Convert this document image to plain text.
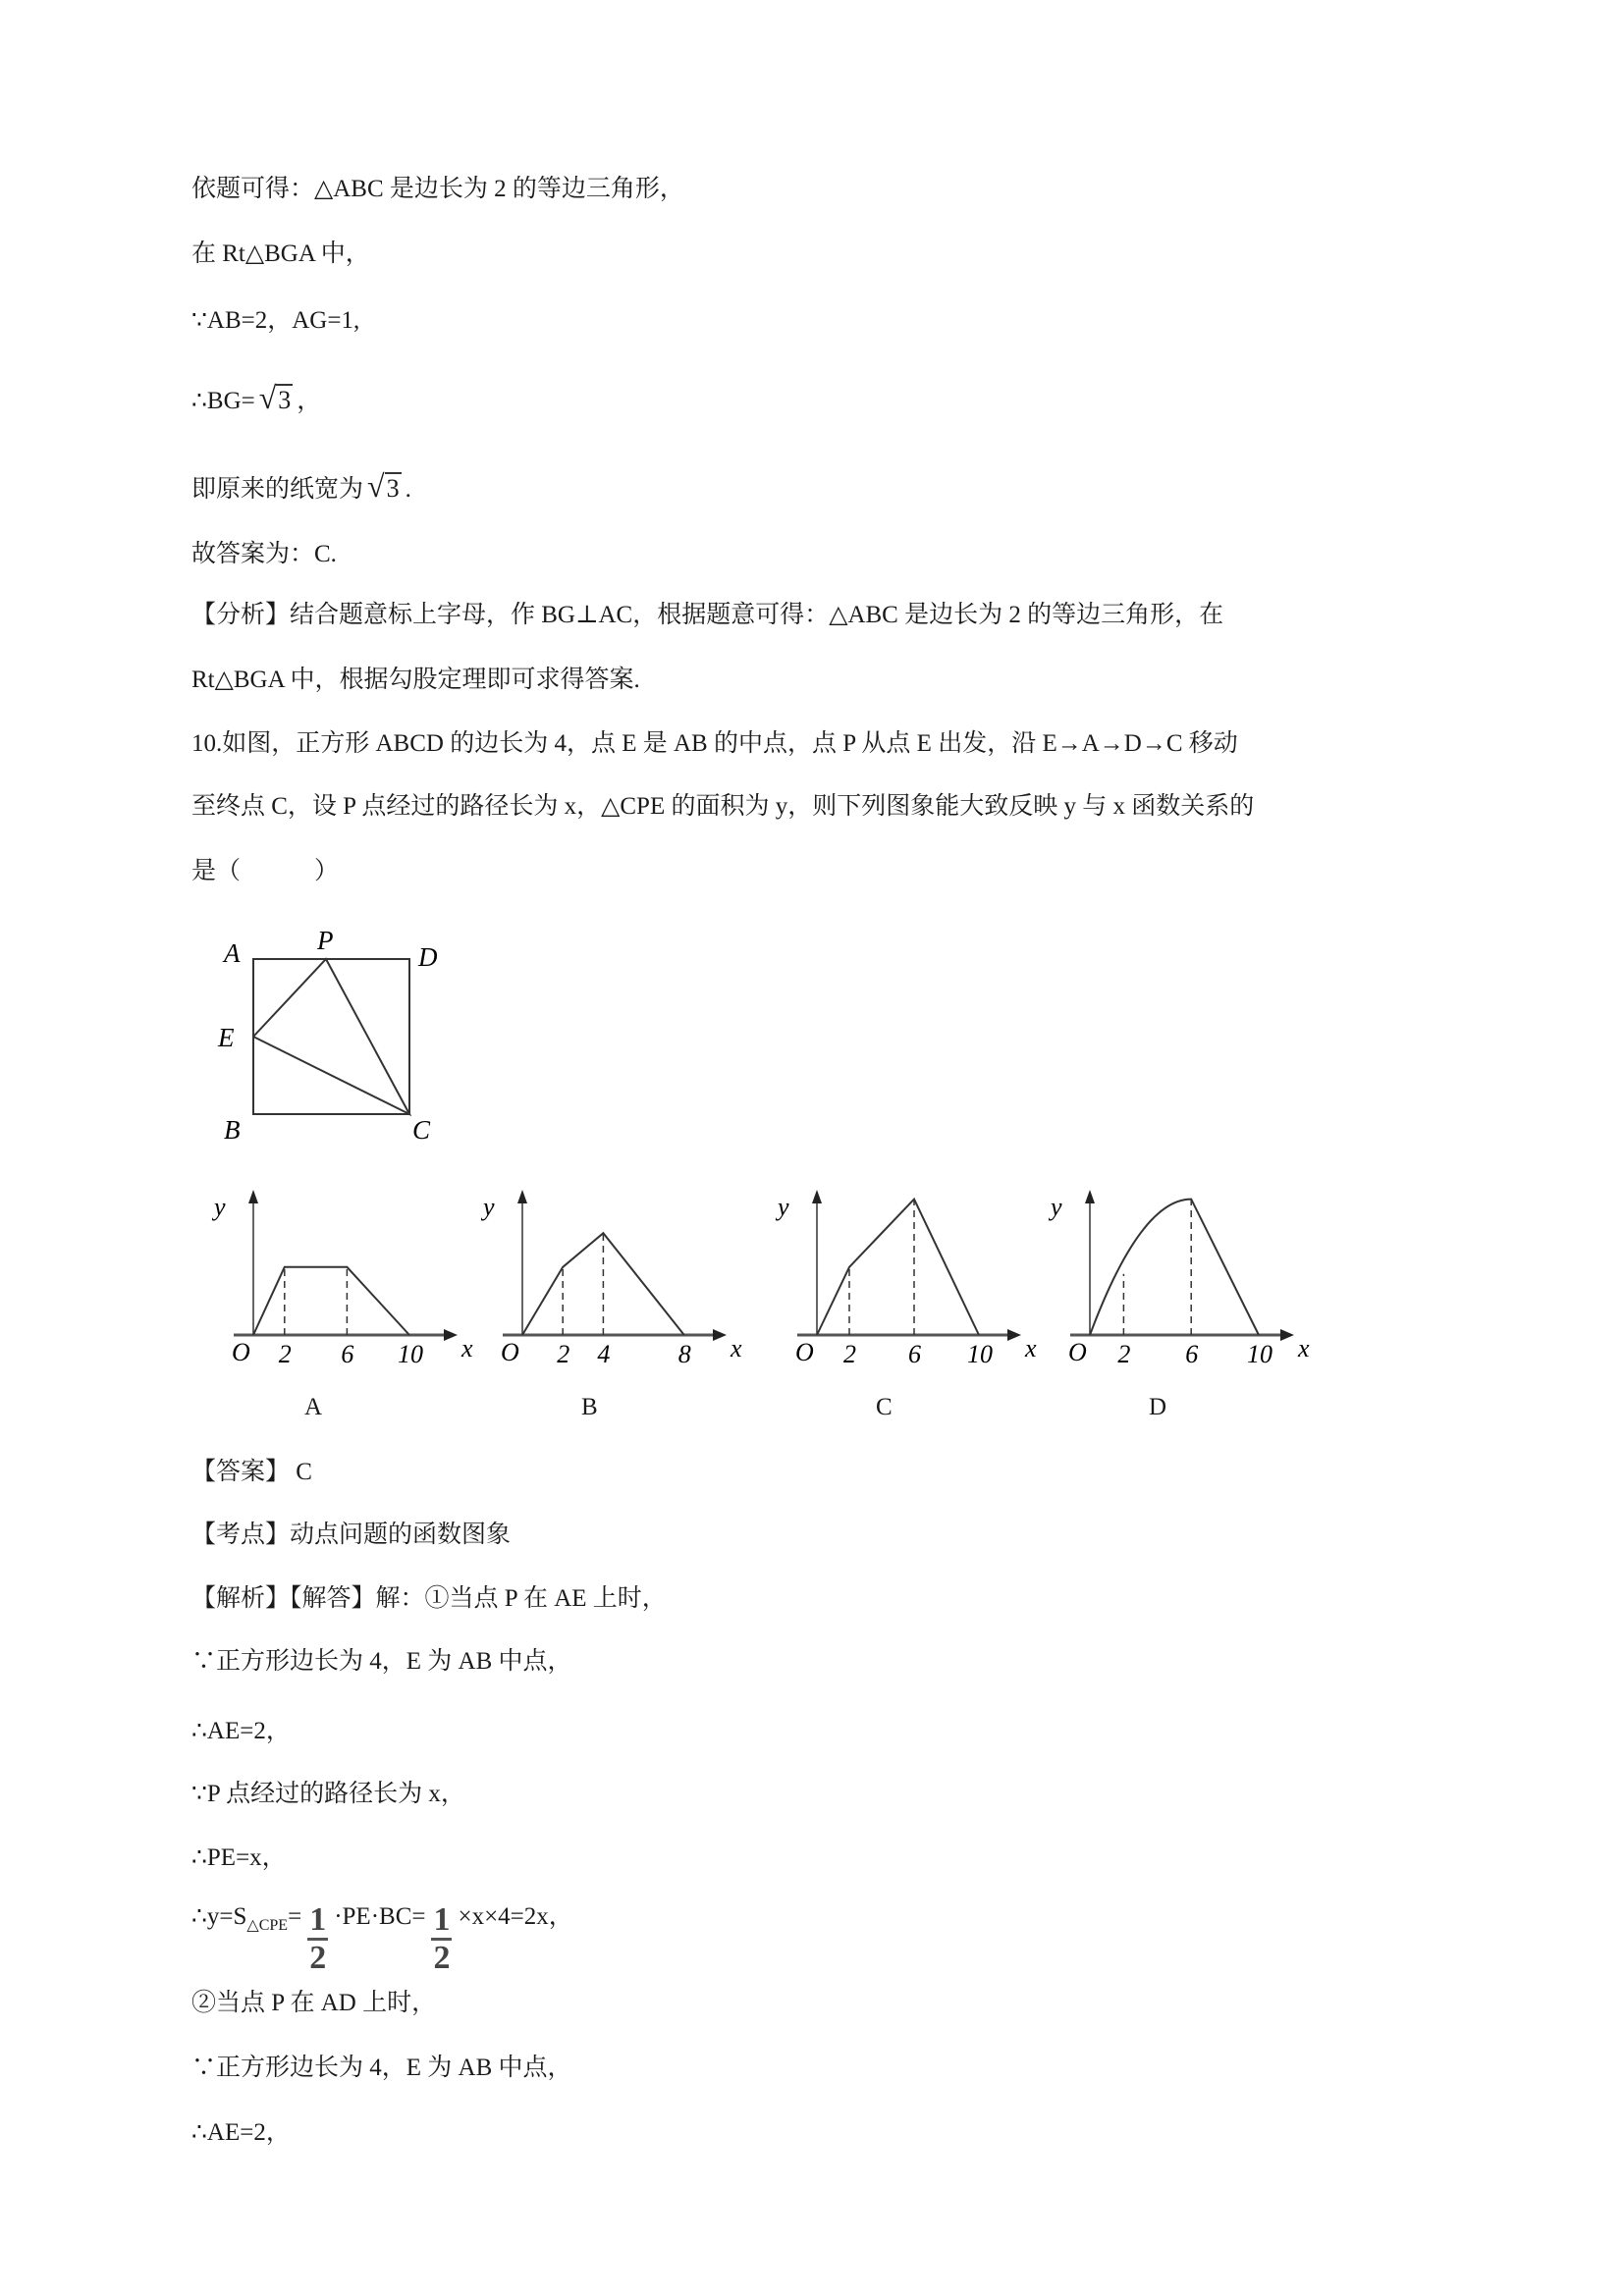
依题可得：△ABC 是边长为 2 的等边三角形，
在 Rt△BGA 中，
∵AB=2，AG=1,
∴BG= √3 ，
即原来的纸宽为 √3 .
故答案为：C.
【分析】结合题意标上字母，作 BG⊥AC，根据题意可得：△ABC 是边长为 2 的等边三角形，在
Rt△BGA 中，根据勾股定理即可求得答案.
10.如图，正方形 ABCD 的边长为 4，点 E 是 AB 的中点，点 P 从点 E 出发，沿 E→A→D→C 移动
至终点 C，设 P 点经过的路径长为 x，△CPE 的面积为 y，则下列图象能大致反映 y 与 x 函数关系的
是（　　　）
A	P
D
E
B	C
y
x
O 2 6 10
A
y
x
O 2 4	8
B
y
x
O 2 6 10
C
y
x
O 2 6 10
D
【答案】 C
【考点】动点问题的函数图象
【解析】【解答】解：①当点 P 在 AE 上时，
∵正方形边长为 4，E 为 AB 中点，
∴AE=2，
∵P 点经过的路径长为 x，
∴PE=x，
$\therefore y=S_{\triangle CPE}= \frac{1}{2} \cdot PE\cdot BC= \frac{1}{2} \times x\times 4=2x$，
②当点 P 在 AD 上时，
∵正方形边长为 4，E 为 AB 中点，
∴AE=2，
